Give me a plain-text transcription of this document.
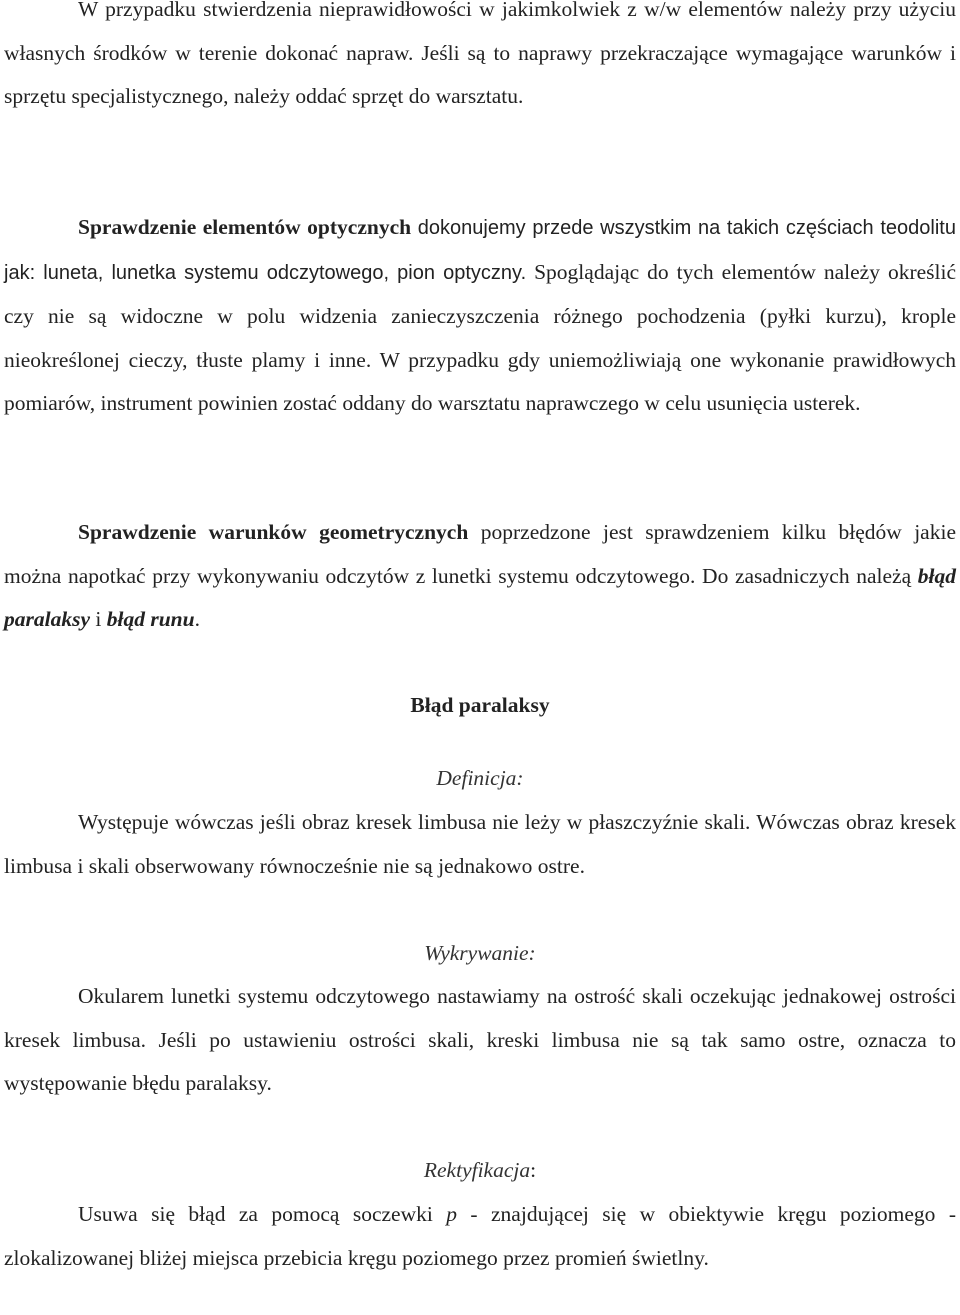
W przypadku stwierdzenia nieprawidłowości w jakimkolwiek z w/w elementów należy przy użyciu własnych środków w terenie dokonać napraw. Jeśli są to naprawy przekraczające wymagające warunków i sprzętu specjalistycznego, należy oddać sprzęt do warsztatu.

Sprawdzenie elementów optycznych dokonujemy przede wszystkim na takich częściach teodolitu jak: luneta, lunetka systemu odczytowego, pion optyczny. Spoglądając do tych elementów należy określić czy nie są widoczne w polu widzenia zanieczyszczenia różnego pochodzenia (pyłki kurzu), krople nieokreślonej cieczy, tłuste plamy i inne. W przypadku gdy uniemożliwiają one wykonanie prawidłowych pomiarów, instrument powinien zostać oddany do warsztatu naprawczego w celu usunięcia usterek.

Sprawdzenie warunków geometrycznych poprzedzone jest sprawdzeniem kilku błędów jakie można napotkać przy wykonywaniu odczytów z lunetki systemu odczytowego. Do zasadniczych należą błąd paralaksy i błąd runu.

Błąd paralaksy
Definicja:

Występuje wówczas jeśli obraz kresek limbusa nie leży w płaszczyźnie skali. Wówczas obraz kresek limbusa i skali obserwowany równocześnie nie są jednakowo ostre.

Wykrywanie:

Okularem lunetki systemu odczytowego nastawiamy na ostrość skali oczekując jednakowej ostrości kresek limbusa. Jeśli po ustawieniu ostrości skali, kreski limbusa nie są tak samo ostre, oznacza to występowanie błędu paralaksy.

Rektyfikacja:

Usuwa się błąd za pomocą soczewki p - znajdującej się w obiektywie kręgu poziomego - zlokalizowanej bliżej miejsca przebicia kręgu poziomego przez promień świetlny.
